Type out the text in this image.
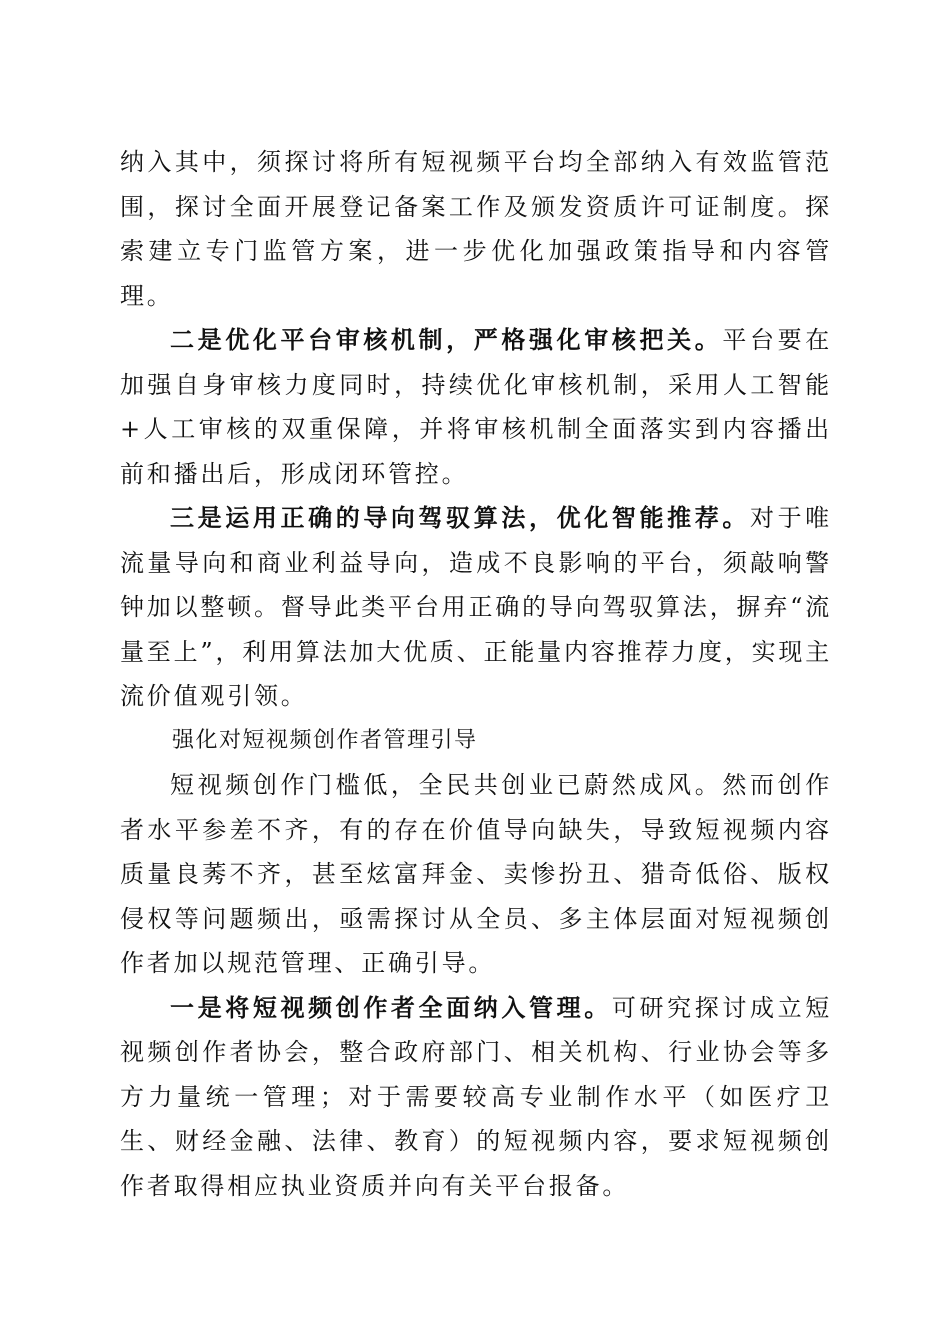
纳入其中，须探讨将所有短视频平台均全部纳入有效监管范围，探讨全面开展登记备案工作及颁发资质许可证制度。探索建立专门监管方案，进一步优化加强政策指导和内容管理。

二是优化平台审核机制，严格强化审核把关。平台要在加强自身审核力度同时，持续优化审核机制，采用人工智能+人工审核的双重保障，并将审核机制全面落实到内容播出前和播出后，形成闭环管控。

三是运用正确的导向驾驭算法，优化智能推荐。对于唯流量导向和商业利益导向，造成不良影响的平台，须敲响警钟加以整顿。督导此类平台用正确的导向驾驭算法，摒弃“流量至上”，利用算法加大优质、正能量内容推荐力度，实现主流价值观引领。

强化对短视频创作者管理引导

短视频创作门槛低，全民共创业已蔚然成风。然而创作者水平参差不齐，有的存在价值导向缺失，导致短视频内容质量良莠不齐，甚至炫富拜金、卖惨扮丑、猎奇低俗、版权侵权等问题频出，亟需探讨从全员、多主体层面对短视频创作者加以规范管理、正确引导。

一是将短视频创作者全面纳入管理。可研究探讨成立短视频创作者协会，整合政府部门、相关机构、行业协会等多方力量统一管理；对于需要较高专业制作水平（如医疗卫生、财经金融、法律、教育）的短视频内容，要求短视频创作者取得相应执业资质并向有关平台报备。
